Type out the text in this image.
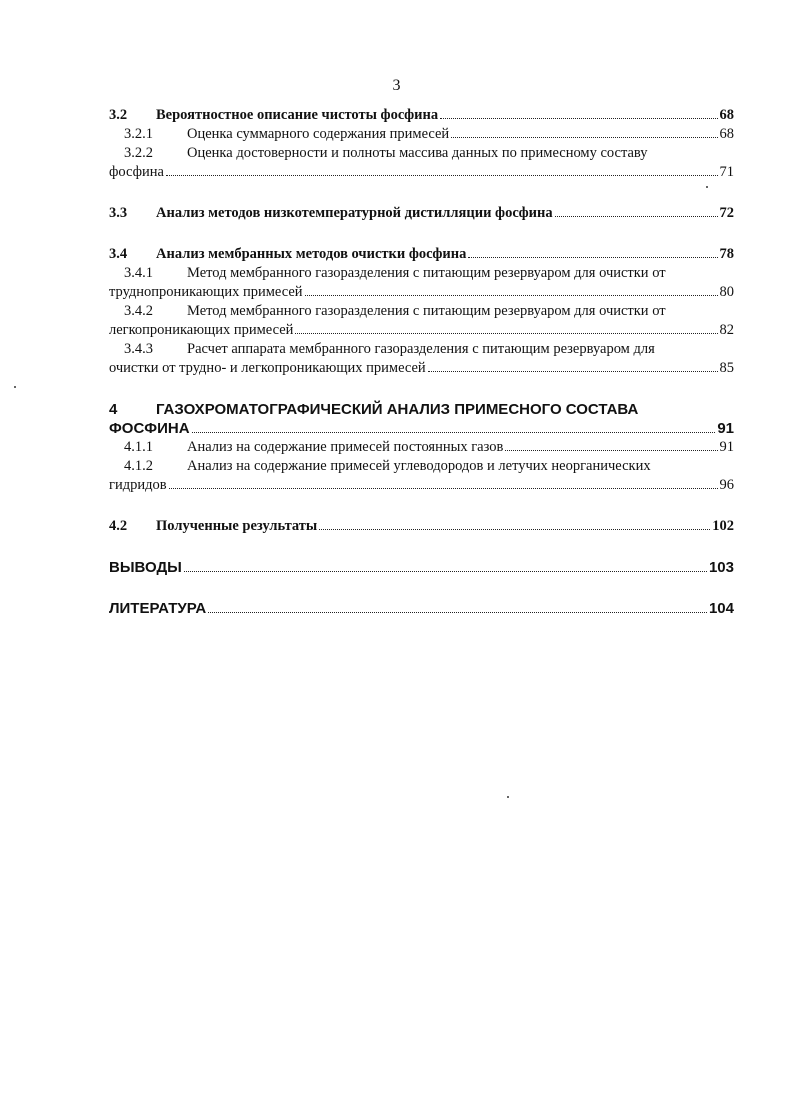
3
3.2	Вероятностное описание чистоты фосфина	68
3.2.1	Оценка суммарного содержания примесей	68
3.2.2	Оценка достоверности и полноты массива данных по примесному составу
фосфина	71
3.3	Анализ методов низкотемпературной дистилляции фосфина	72
3.4	Анализ мембранных методов очистки фосфина	78
3.4.1	Метод мембранного газоразделения с питающим резервуаром для очистки от
труднопроникающих примесей	80
3.4.2	Метод мембранного газоразделения с питающим резервуаром для очистки от
легкопроникающих примесей	82
3.4.3	Расчет аппарата мембранного газоразделения с питающим резервуаром для
очистки от трудно- и легкопроникающих примесей	85
4	ГАЗОХРОМАТОГРАФИЧЕСКИЙ АНАЛИЗ ПРИМЕСНОГО СОСТАВА
ФОСФИНА	91
4.1.1	Анализ на содержание примесей постоянных газов	91
4.1.2	Анализ на содержание примесей углеводородов и летучих неорганических
гидридов	96
4.2	Полученные результаты	102
ВЫВОДЫ	103
ЛИТЕРАТУРА	104
